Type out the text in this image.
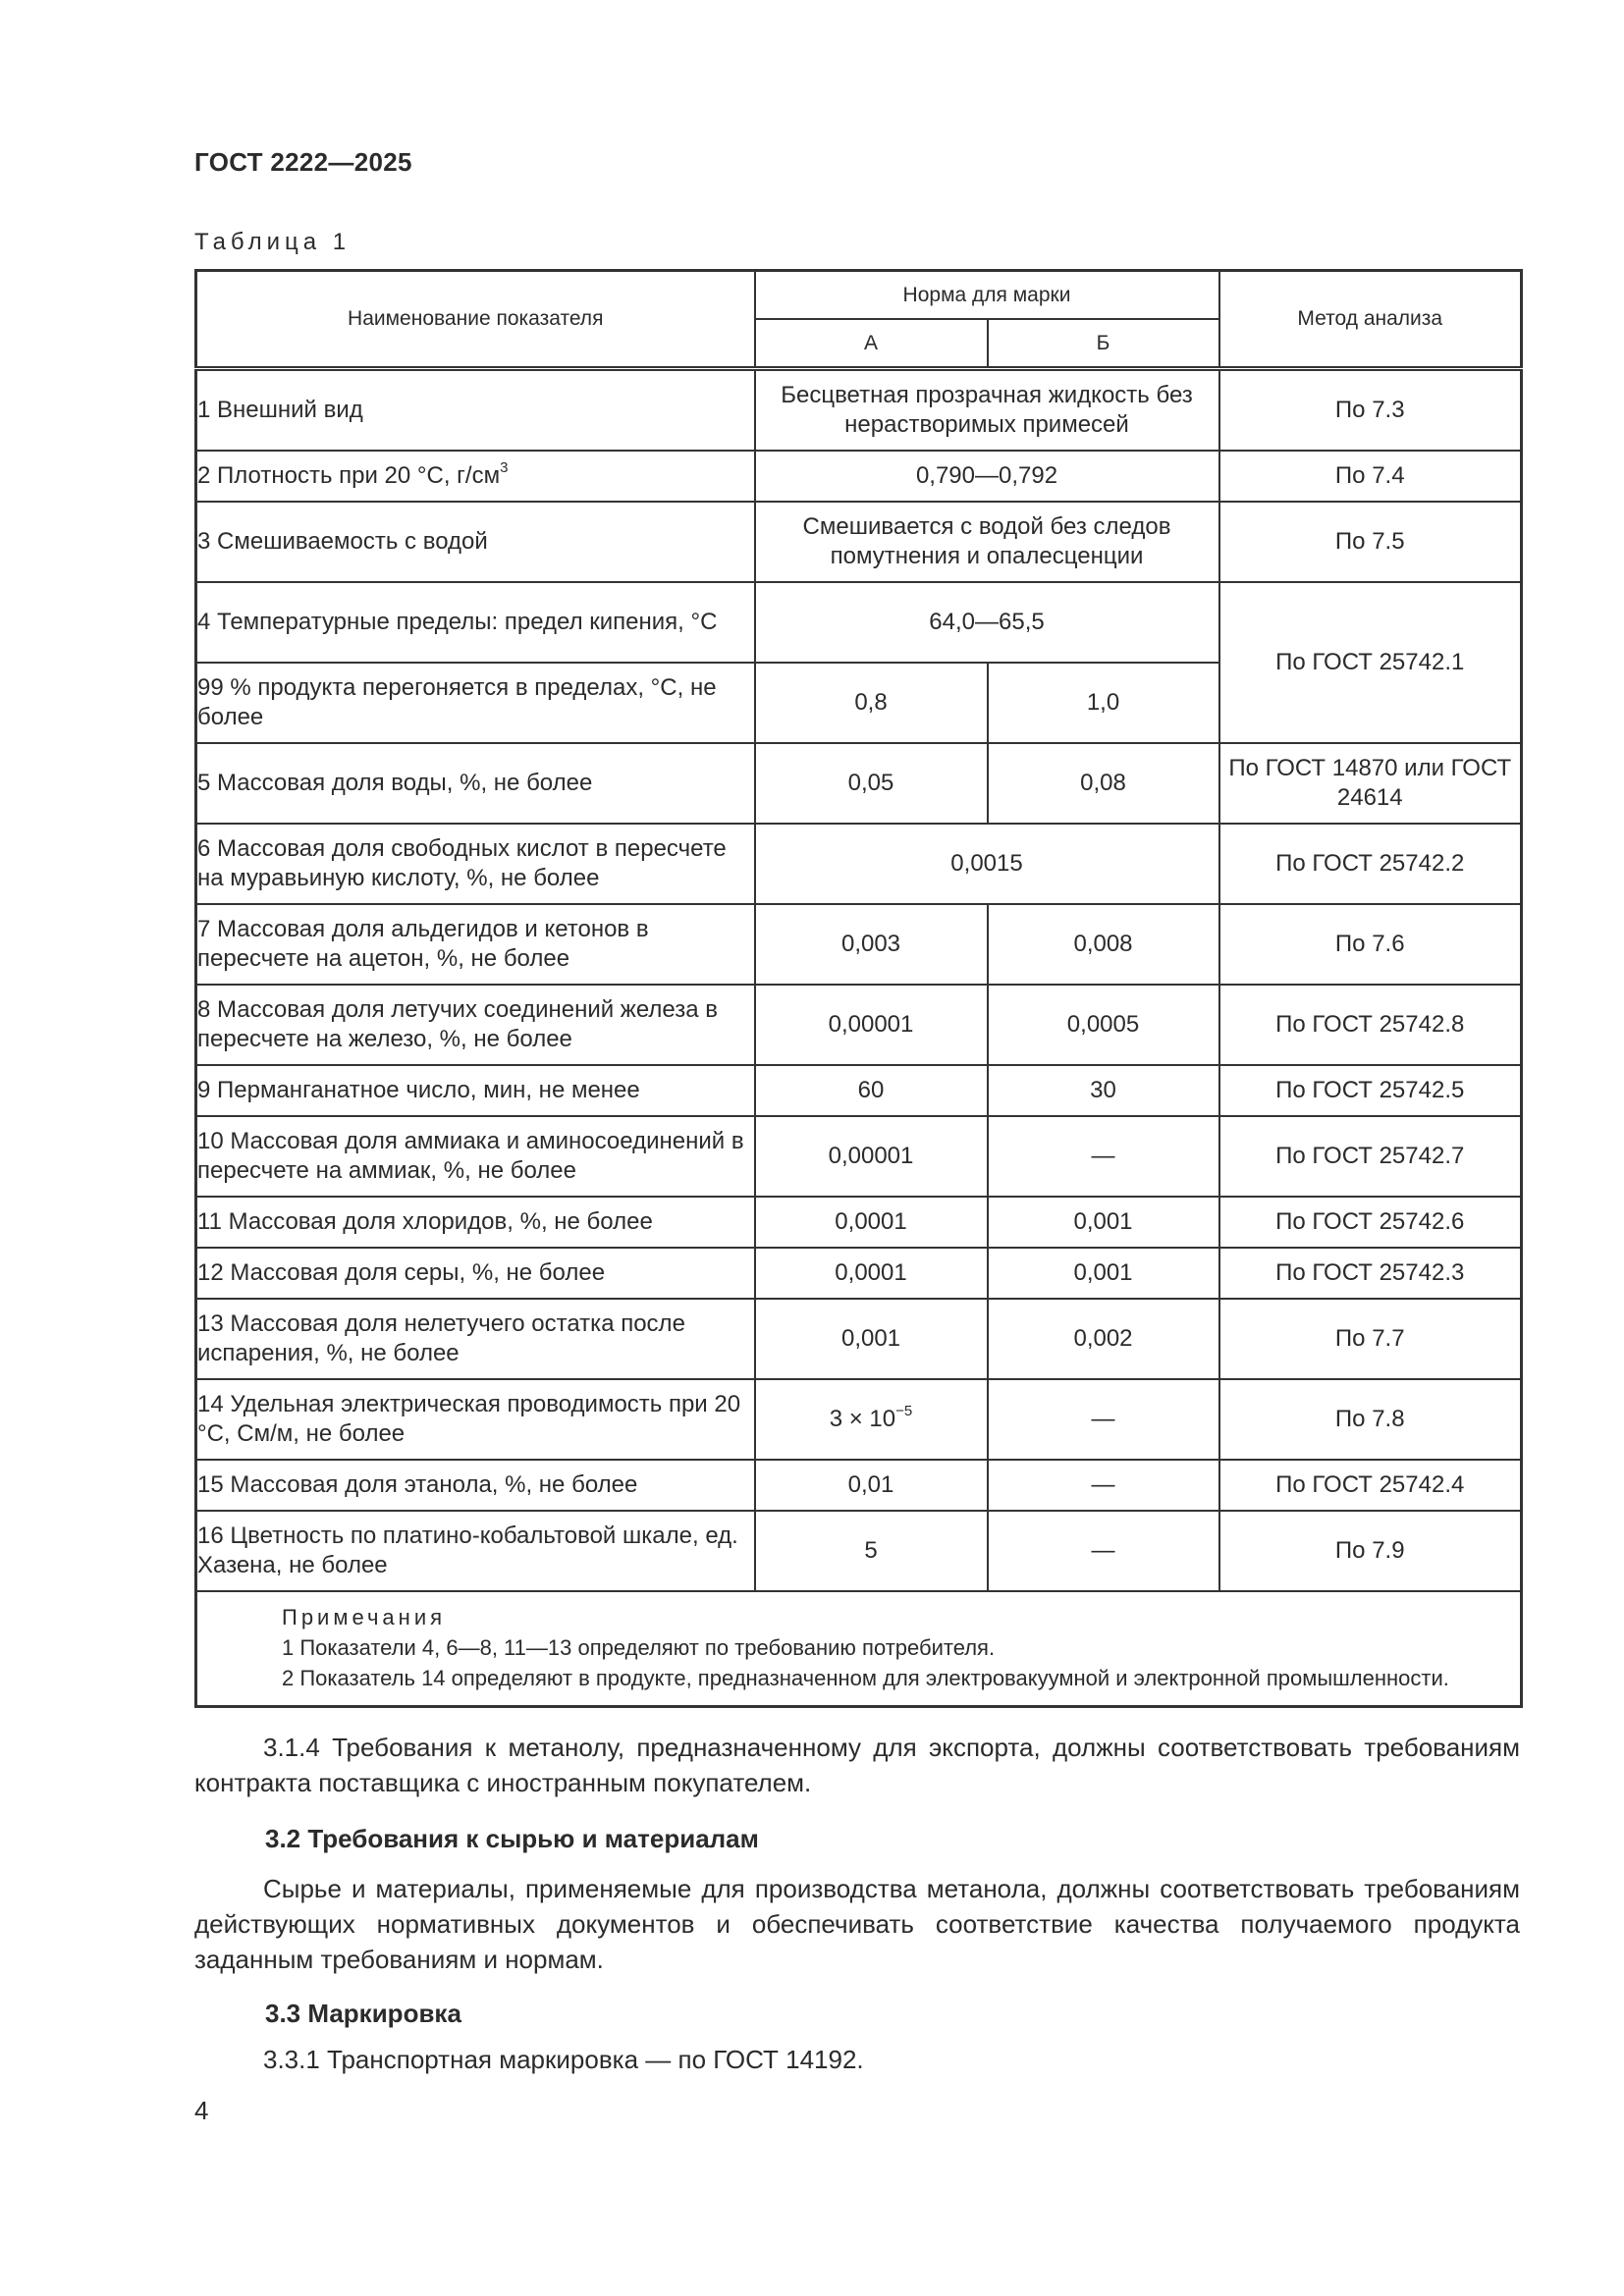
ГОСТ 2222—2025
Таблица 1
Наименование показателя	Норма для марки		Метод анализа
	А	Б	
1 Внешний вид	Бесцветная прозрачная жидкость без нерастворимых примесей		По 7.3
2 Плотность при 20 °С, $г/см^3$	0,790—0,792		По 7.4
3 Смешиваемость с водой	Смешивается с водой без следов помутнения и опалесценции		По 7.5
4 Температурные пределы: предел кипения, °С	64,0—65,5		По ГОСТ 25742.1
99 % продукта перегоняется в пределах, °С, не более	0,8	1,0	
5 Массовая доля воды, %, не более	0,05	0,08	По ГОСТ 14870 или ГОСТ 24614
6 Массовая доля свободных кислот в пересчете на муравьиную кислоту, %, не более	0,0015		По ГОСТ 25742.2
7 Массовая доля альдегидов и кетонов в пересчете на ацетон, %, не более	0,003	0,008	По 7.6
8 Массовая доля летучих соединений железа в пересчете на железо, %, не более	0,00001	0,0005	По ГОСТ 25742.8
9 Перманганатное число, мин, не менее	60	30	По ГОСТ 25742.5
10 Массовая доля аммиака и аминосоединений в пересчете на аммиак, %, не более	0,00001	—	По ГОСТ 25742.7
11 Массовая доля хлоридов, %, не более	0,0001	0,001	По ГОСТ 25742.6
12 Массовая доля серы, %, не более	0,0001	0,001	По ГОСТ 25742.3
13 Массовая доля нелетучего остатка после испарения, %, не более	0,001	0,002	По 7.7
14 Удельная электрическая проводимость при 20 °С, См/м, не более	$3 \times 10^{-5}$	—	По 7.8
15 Массовая доля этанола, %, не более	0,01	—	По ГОСТ 25742.4
16 Цветность по платино-кобальтовой шкале, ед. Хазена, не более	5	—	По 7.9

Примечания
1 Показатели 4, 6—8, 11—13 определяют по требованию потребителя.
2 Показатель 14 определяют в продукте, предназначенном для электровакуумной и электронной промышленности.			
3.1.4 Требования к метанолу, предназначенному для экспорта, должны соответствовать требованиям контракта поставщика с иностранным покупателем.
3.2 Требования к сырью и материалам
Сырье и материалы, применяемые для производства метанола, должны соответствовать требованиям действующих нормативных документов и обеспечивать соответствие качества получаемого продукта заданным требованиям и нормам.
3.3 Маркировка
3.3.1 Транспортная маркировка — по ГОСТ 14192.
4
